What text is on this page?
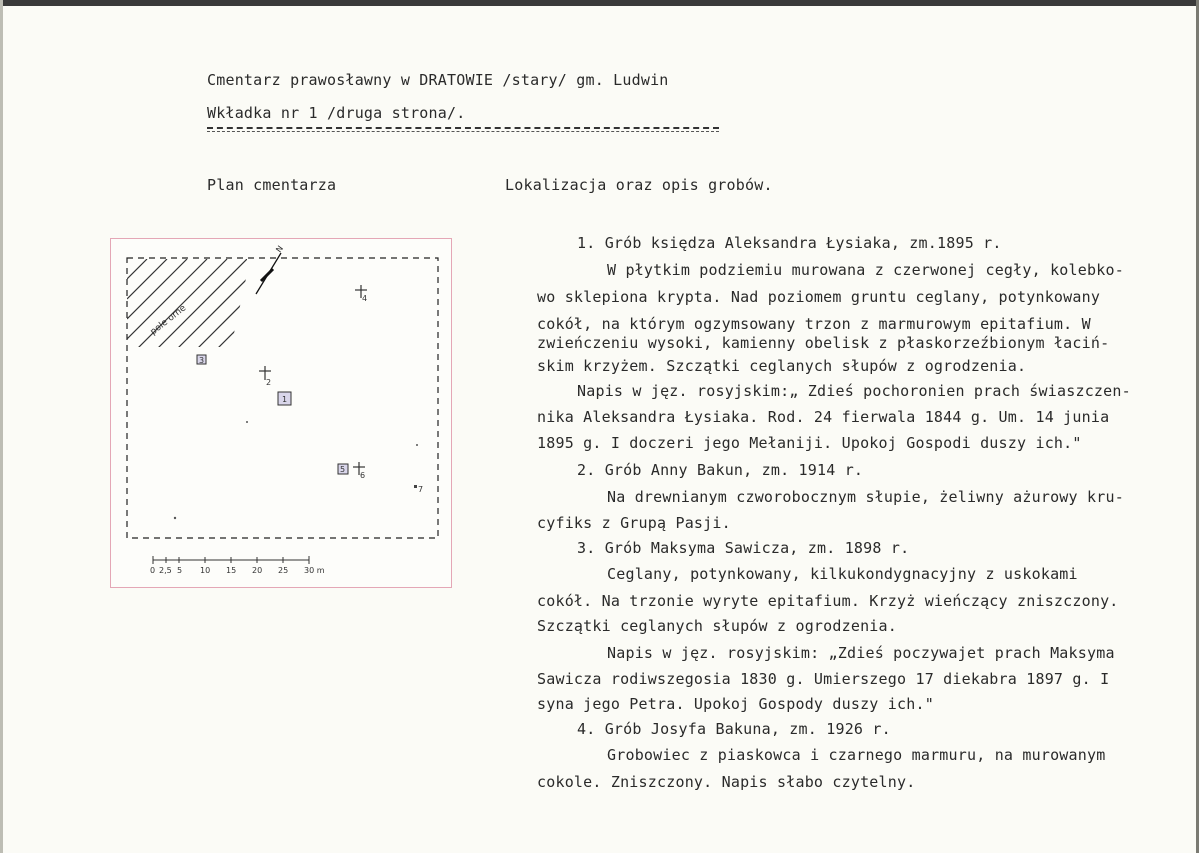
Cmentarz prawosławny w DRATOWIE /stary/ gm. Ludwin
Wkładka nr 1 /druga strona/.
Plan cmentarza	Lokalizacja oraz opis grobów.
pole orne
N
3
2
1
4
5
6
7
0 2,5 5 10 15 20 25 30 m
1. Grób księdza Aleksandra Łysiaka, zm.1895 r.
W płytkim podziemiu murowana z czerwonej cegły, kolebko-
wo sklepiona krypta. Nad poziomem gruntu ceglany, potynkowany
cokół, na którym ogzymsowany trzon z marmurowym epitafium. W
zwieńczeniu wysoki, kamienny obelisk z płaskorzeźbionym łaciń-
skim krzyżem. Szczątki ceglanych słupów z ogrodzenia.
Napis w jęz. rosyjskim:„ Zdieś pochoronien prach świaszczen-
nika Aleksandra Łysiaka. Rod. 24 fierwala 1844 g. Um. 14 junia
1895 g. I doczeri jego Mełaniji. Upokoj Gospodi duszy ich."
2. Grób Anny Bakun, zm. 1914 r.
Na drewnianym czworobocznym słupie, żeliwny ażurowy kru-
cyfiks z Grupą Pasji.
3. Grób Maksyma Sawicza, zm. 1898 r.
Ceglany, potynkowany, kilkukondygnacyjny z uskokami
cokół. Na trzonie wyryte epitafium. Krzyż wieńczący zniszczony.
Szczątki ceglanych słupów z ogrodzenia.
Napis w jęz. rosyjskim: „Zdieś poczywajet prach Maksyma
Sawicza rodiwszegosia 1830 g. Umierszego 17 diekabra 1897 g. I
syna jego Petra. Upokoj Gospody duszy ich."
4. Grób Josyfa Bakuna, zm. 1926 r.
Grobowiec z piaskowca i czarnego marmuru, na murowanym
cokole. Zniszczony. Napis słabo czytelny.
